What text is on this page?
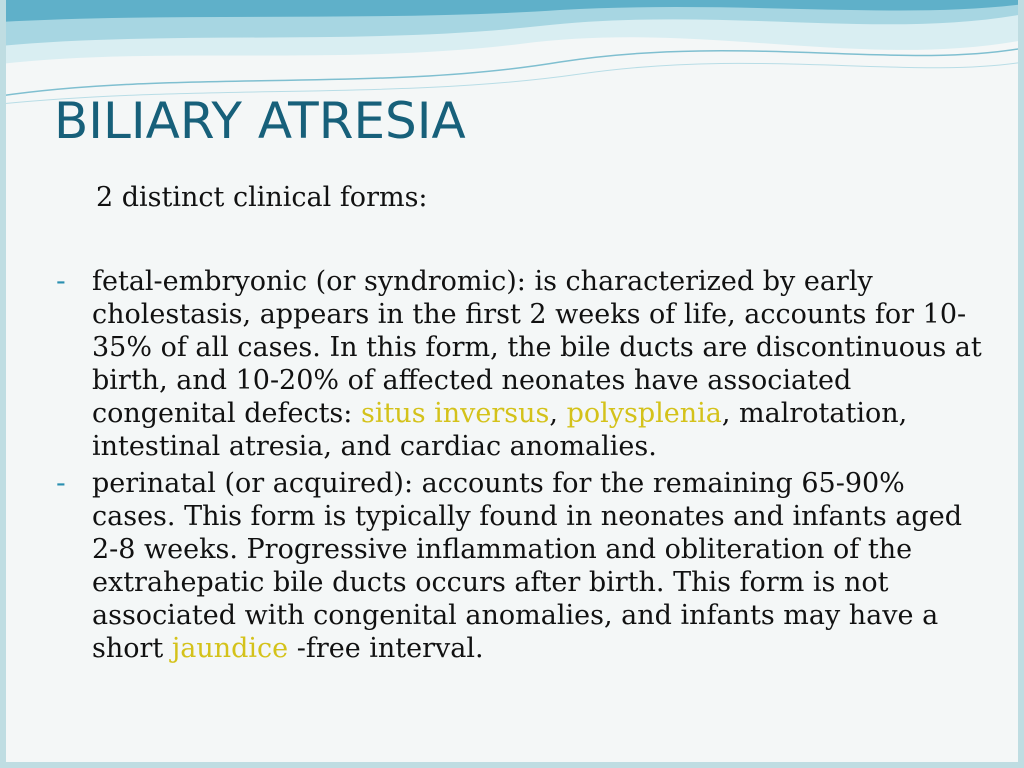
BILIARY ATRESIA

2 distinct clinical forms:

- fetal-embryonic (or syndromic): is characterized by early cholestasis, appears in the first 2 weeks of life, accounts for 10-35% of all cases. In this form, the bile ducts are discontinuous at birth, and 10-20% of affected neonates have associated congenital defects: situs inversus, polysplenia, malrotation, intestinal atresia, and cardiac anomalies.
- perinatal (or acquired): accounts for the remaining 65-90% cases. This form is typically found in neonates and infants aged 2-8 weeks. Progressive inflammation and obliteration of the extrahepatic bile ducts occurs after birth. This form is not associated with congenital anomalies, and infants may have a short jaundice -free interval.
